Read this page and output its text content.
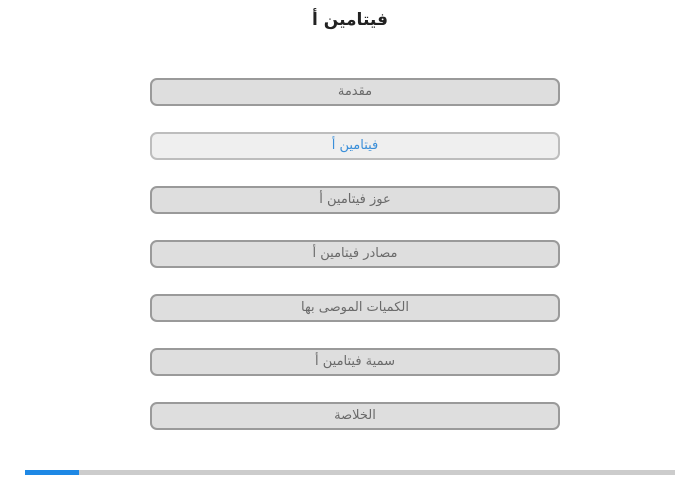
فيتامين أ
مقدمة
فيتامين أ
عوز فيتامين أ
مصادر فيتامين أ
الكميات الموصى بها
سمية فيتامين أ
الخلاصة
